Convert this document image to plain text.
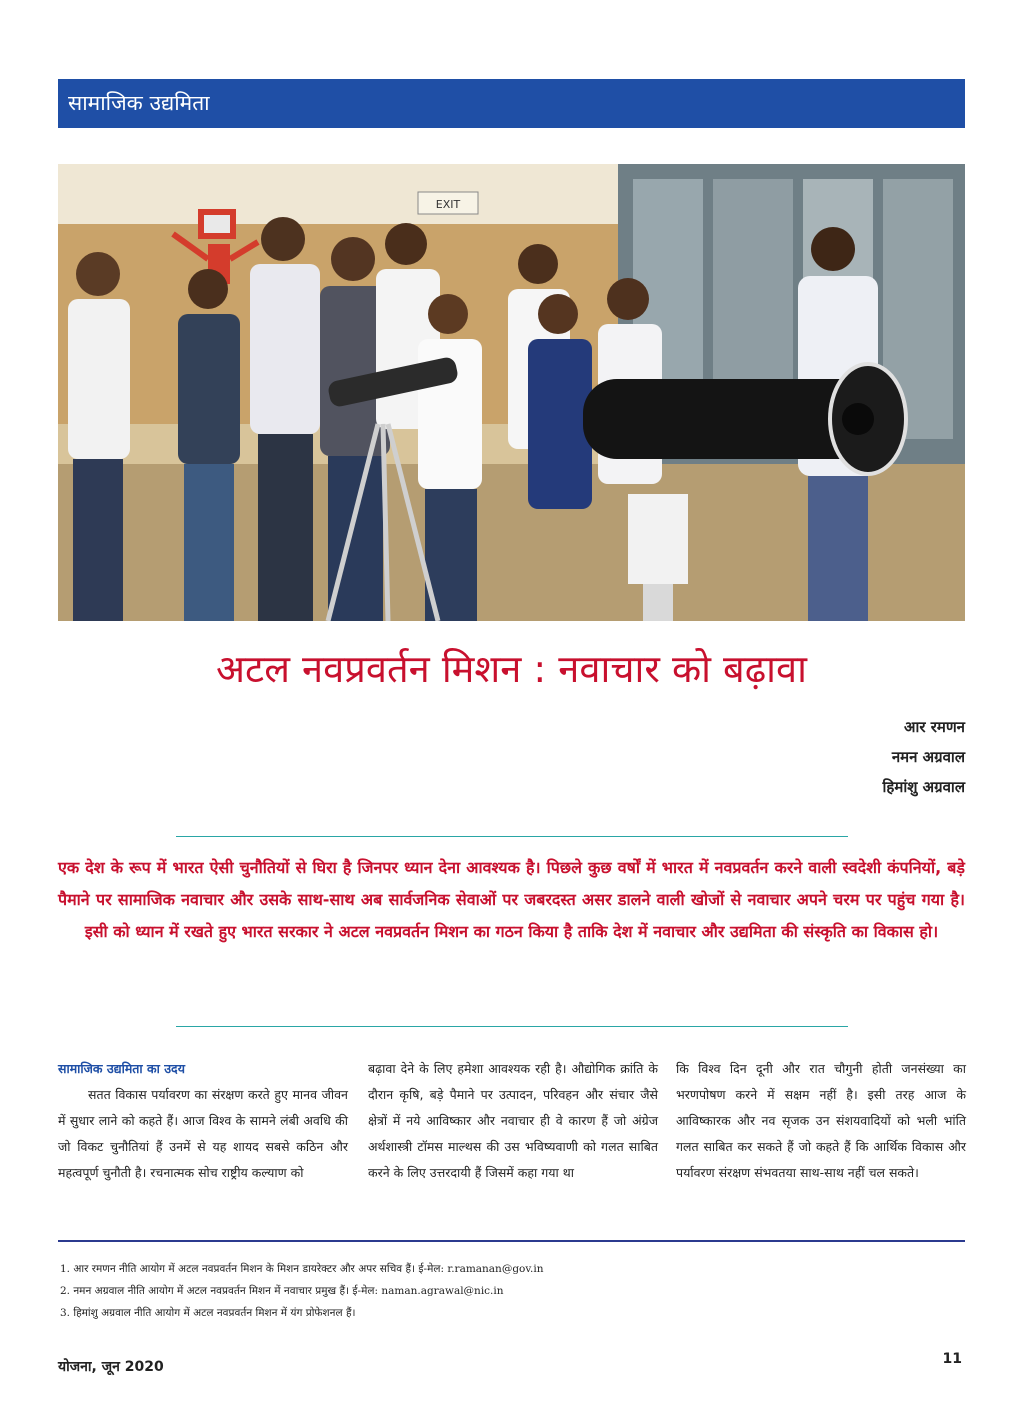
सामाजिक उद्यमिता
EXIT
अटल नवप्रवर्तन मिशन : नवाचार को बढ़ावा
आर रमणन
नमन अग्रवाल
हिमांशु अग्रवाल
एक देश के रूप में भारत ऐसी चुनौतियों से घिरा है जिनपर ध्यान देना आवश्यक है। पिछले कुछ वर्षों में भारत में नवप्रवर्तन करने वाली स्वदेशी कंपनियों, बड़े पैमाने पर सामाजिक नवाचार और उसके साथ-साथ अब सार्वजनिक सेवाओं पर जबरदस्त असर डालने वाली खोजों से नवाचार अपने चरम पर पहुंच गया है। इसी को ध्यान में रखते हुए भारत सरकार ने अटल नवप्रवर्तन मिशन का गठन किया है ताकि देश में नवाचार और उद्यमिता की संस्कृति का विकास हो।
सामाजिक उद्यमिता का उदय
सतत विकास पर्यावरण का संरक्षण करते हुए मानव जीवन में सुधार लाने को कहते हैं। आज विश्व के सामने लंबी अवधि की जो विकट चुनौतियां हैं उनमें से यह शायद सबसे कठिन और महत्वपूर्ण चुनौती है। रचनात्मक सोच राष्ट्रीय कल्याण को
बढ़ावा देने के लिए हमेशा आवश्यक रही है। औद्योगिक क्रांति के दौरान कृषि, बड़े पैमाने पर उत्पादन, परिवहन और संचार जैसे क्षेत्रों में नये आविष्कार और नवाचार ही वे कारण हैं जो अंग्रेज अर्थशास्त्री टॉमस माल्थस की उस भविष्यवाणी को गलत साबित करने के लिए उत्तरदायी हैं जिसमें कहा गया था
कि विश्व दिन दूनी और रात चौगुनी होती जनसंख्या का भरणपोषण करने में सक्षम नहीं है। इसी तरह आज के आविष्कारक और नव सृजक उन संशयवादियों को भली भांति गलत साबित कर सकते हैं जो कहते हैं कि आर्थिक विकास और पर्यावरण संरक्षण संभवतया साथ-साथ नहीं चल सकते।
1. आर रमणन नीति आयोग में अटल नवप्रवर्तन मिशन के मिशन डायरेक्टर और अपर सचिव हैं। ई-मेल: r.ramanan@gov.in
2. नमन अग्रवाल नीति आयोग में अटल नवप्रवर्तन मिशन में नवाचार प्रमुख हैं। ई-मेल: naman.agrawal@nic.in
3. हिमांशु अग्रवाल नीति आयोग में अटल नवप्रवर्तन मिशन में यंग प्रोफेशनल हैं।
योजना, जून 2020	11
